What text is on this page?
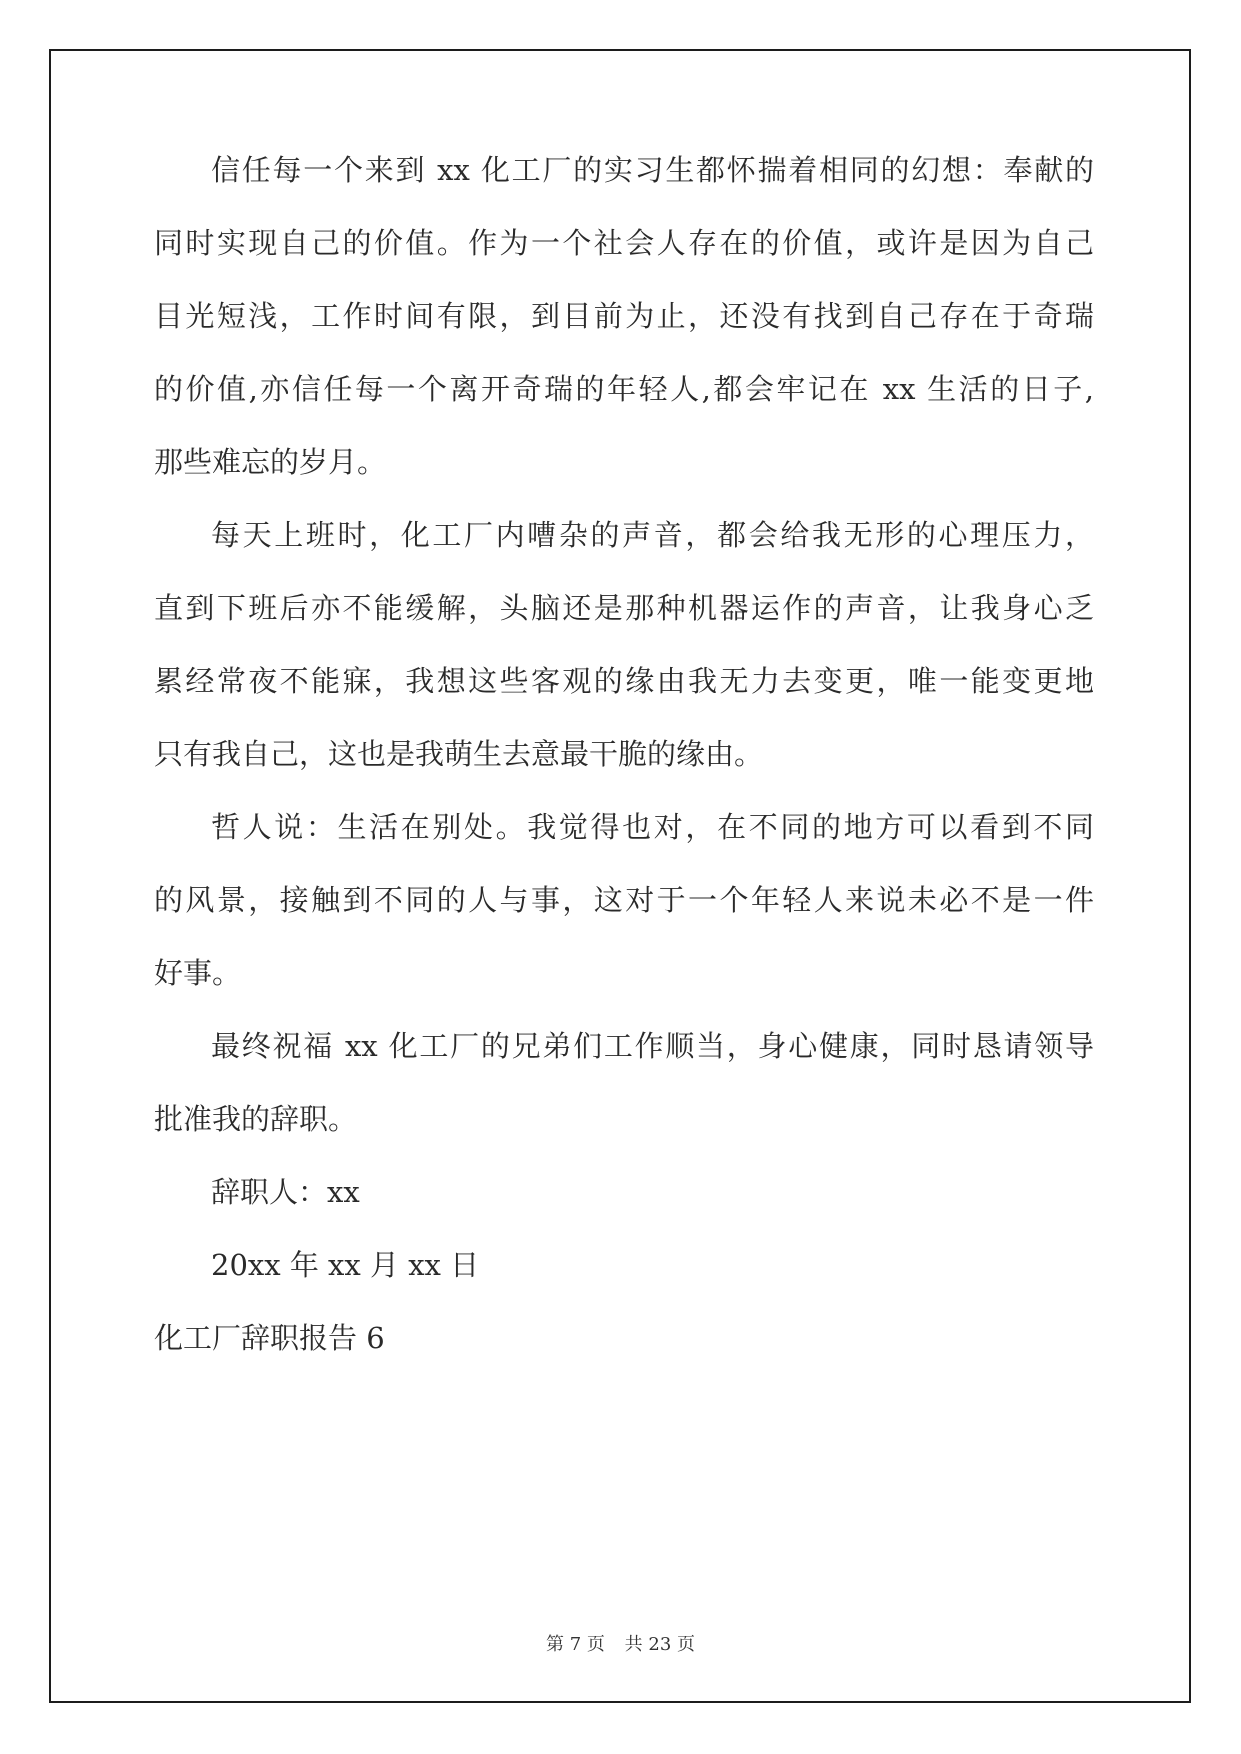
信任每一个来到 xx 化工厂的实习生都怀揣着相同的幻想：奉献的
同时实现自己的价值。作为一个社会人存在的价值，或许是因为自己
目光短浅，工作时间有限，到目前为止，还没有找到自己存在于奇瑞
的价值,亦信任每一个离开奇瑞的年轻人,都会牢记在 xx 生活的日子,
那些难忘的岁月。
每天上班时，化工厂内嘈杂的声音，都会给我无形的心理压力，
直到下班后亦不能缓解，头脑还是那种机器运作的声音，让我身心乏
累经常夜不能寐，我想这些客观的缘由我无力去变更，唯一能变更地
只有我自己，这也是我萌生去意最干脆的缘由。
哲人说：生活在别处。我觉得也对，在不同的地方可以看到不同
的风景，接触到不同的人与事，这对于一个年轻人来说未必不是一件
好事。
最终祝福 xx 化工厂的兄弟们工作顺当，身心健康，同时恳请领导
批准我的辞职。
辞职人：xx
20xx 年 xx 月 xx 日
化工厂辞职报告 6
第 7 页 共 23 页
